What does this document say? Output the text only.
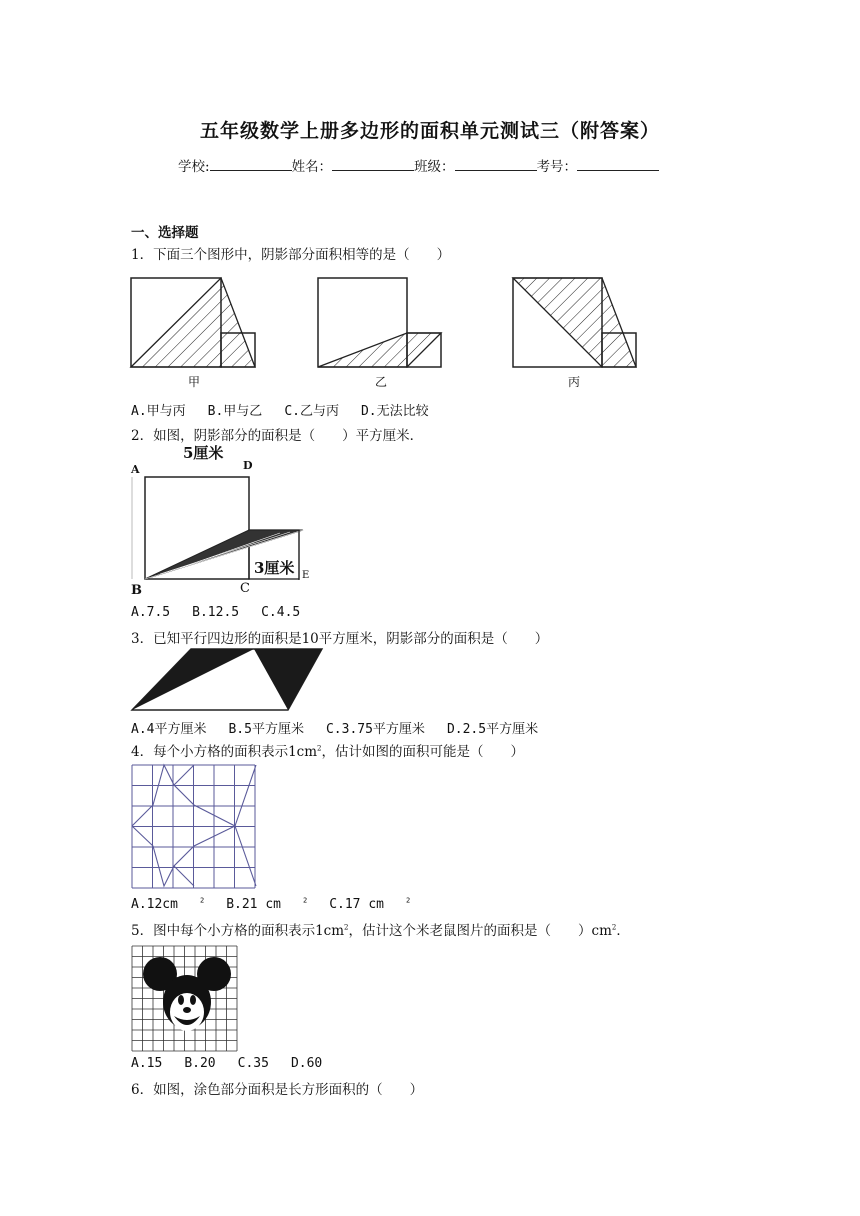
五年级数学上册多边形的面积单元测试三（附答案）
学校:	姓名：	班级：	考号：
一、选择题
1．下面三个图形中，阴影部分面积相等的是（　　）
甲	乙	丙
A.甲与丙 B.甲与乙 C.乙与丙 D.无法比较
2．如图，阴影部分的面积是（　　）平方厘米．
5厘米
3厘米
A	D
B	C
E
A.7.5 B.12.5 C.4.5
3．已知平行四边形的面积是10平方厘米，阴影部分的面积是（　　）
A.4平方厘米 B.5平方厘米 C.3.75平方厘米 D.2.5平方厘米
4．每个小方格的面积表示$1cm^2$，估计如图的面积可能是（　　）
A.12cm	$^2$ B.21 cm	$^2$ C.17 cm	$^2$
5．图中每个小方格的面积表示$1cm^2$，估计这个米老鼠图片的面积是（　　）$cm^2$．
A.15 B.20 C.35 D.60
6．如图，涂色部分面积是长方形面积的（　　）
